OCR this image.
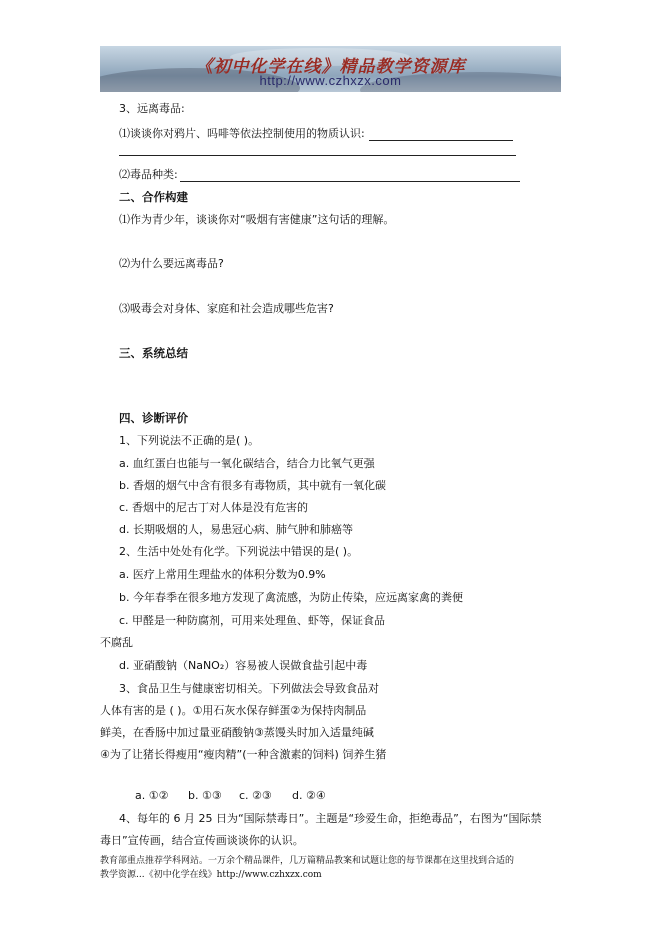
《初中化学在线》精品教学资源库
http://www.czhxzx.com
3、远离毒品:
⑴谈谈你对鸦片、吗啡等依法控制使用的物质认识:
⑵毒品种类:
二、合作构建
⑴作为青少年，谈谈你对“吸烟有害健康”这句话的理解。
⑵为什么要远离毒品?
⑶吸毒会对身体、家庭和社会造成哪些危害?
三、系统总结
四、诊断评价
1、下列说法不正确的是( )。
a. 血红蛋白也能与一氧化碳结合，结合力比氧气更强
b. 香烟的烟气中含有很多有毒物质，其中就有一氧化碳
c. 香烟中的尼古丁对人体是没有危害的
d. 长期吸烟的人，易患冠心病、肺气肿和肺癌等
2、生活中处处有化学。下列说法中错误的是( )。
a. 医疗上常用生理盐水的体积分数为0.9%
b. 今年春季在很多地方发现了禽流感，为防止传染，应远离家禽的粪便
c. 甲醛是一种防腐剂，可用来处理鱼、虾等，保证食品
不腐乱
d. 亚硝酸钠（NaNO₂）容易被人误做食盐引起中毒
3、食品卫生与健康密切相关。下列做法会导致食品对
人体有害的是 ( )。①用石灰水保存鲜蛋②为保持肉制品
鲜美，在香肠中加过量亚硝酸钠③蒸馒头时加入适量纯碱
④为了让猪长得瘦用“瘦肉精”(一种含激素的饲料) 饲养生猪
a. ①② b. ①③ c. ②③ d. ②④
4、每年的 6 月 25 日为“国际禁毒日”。主题是“珍爱生命，拒绝毒品”，右图为“国际禁
毒日”宣传画，结合宣传画谈谈你的认识。
教育部重点推荐学科网站。一万余个精品课件，几万篇精品教案和试题让您的每节课都在这里找到合适的
教学资源...《初中化学在线》http://www.czhxzx.com
